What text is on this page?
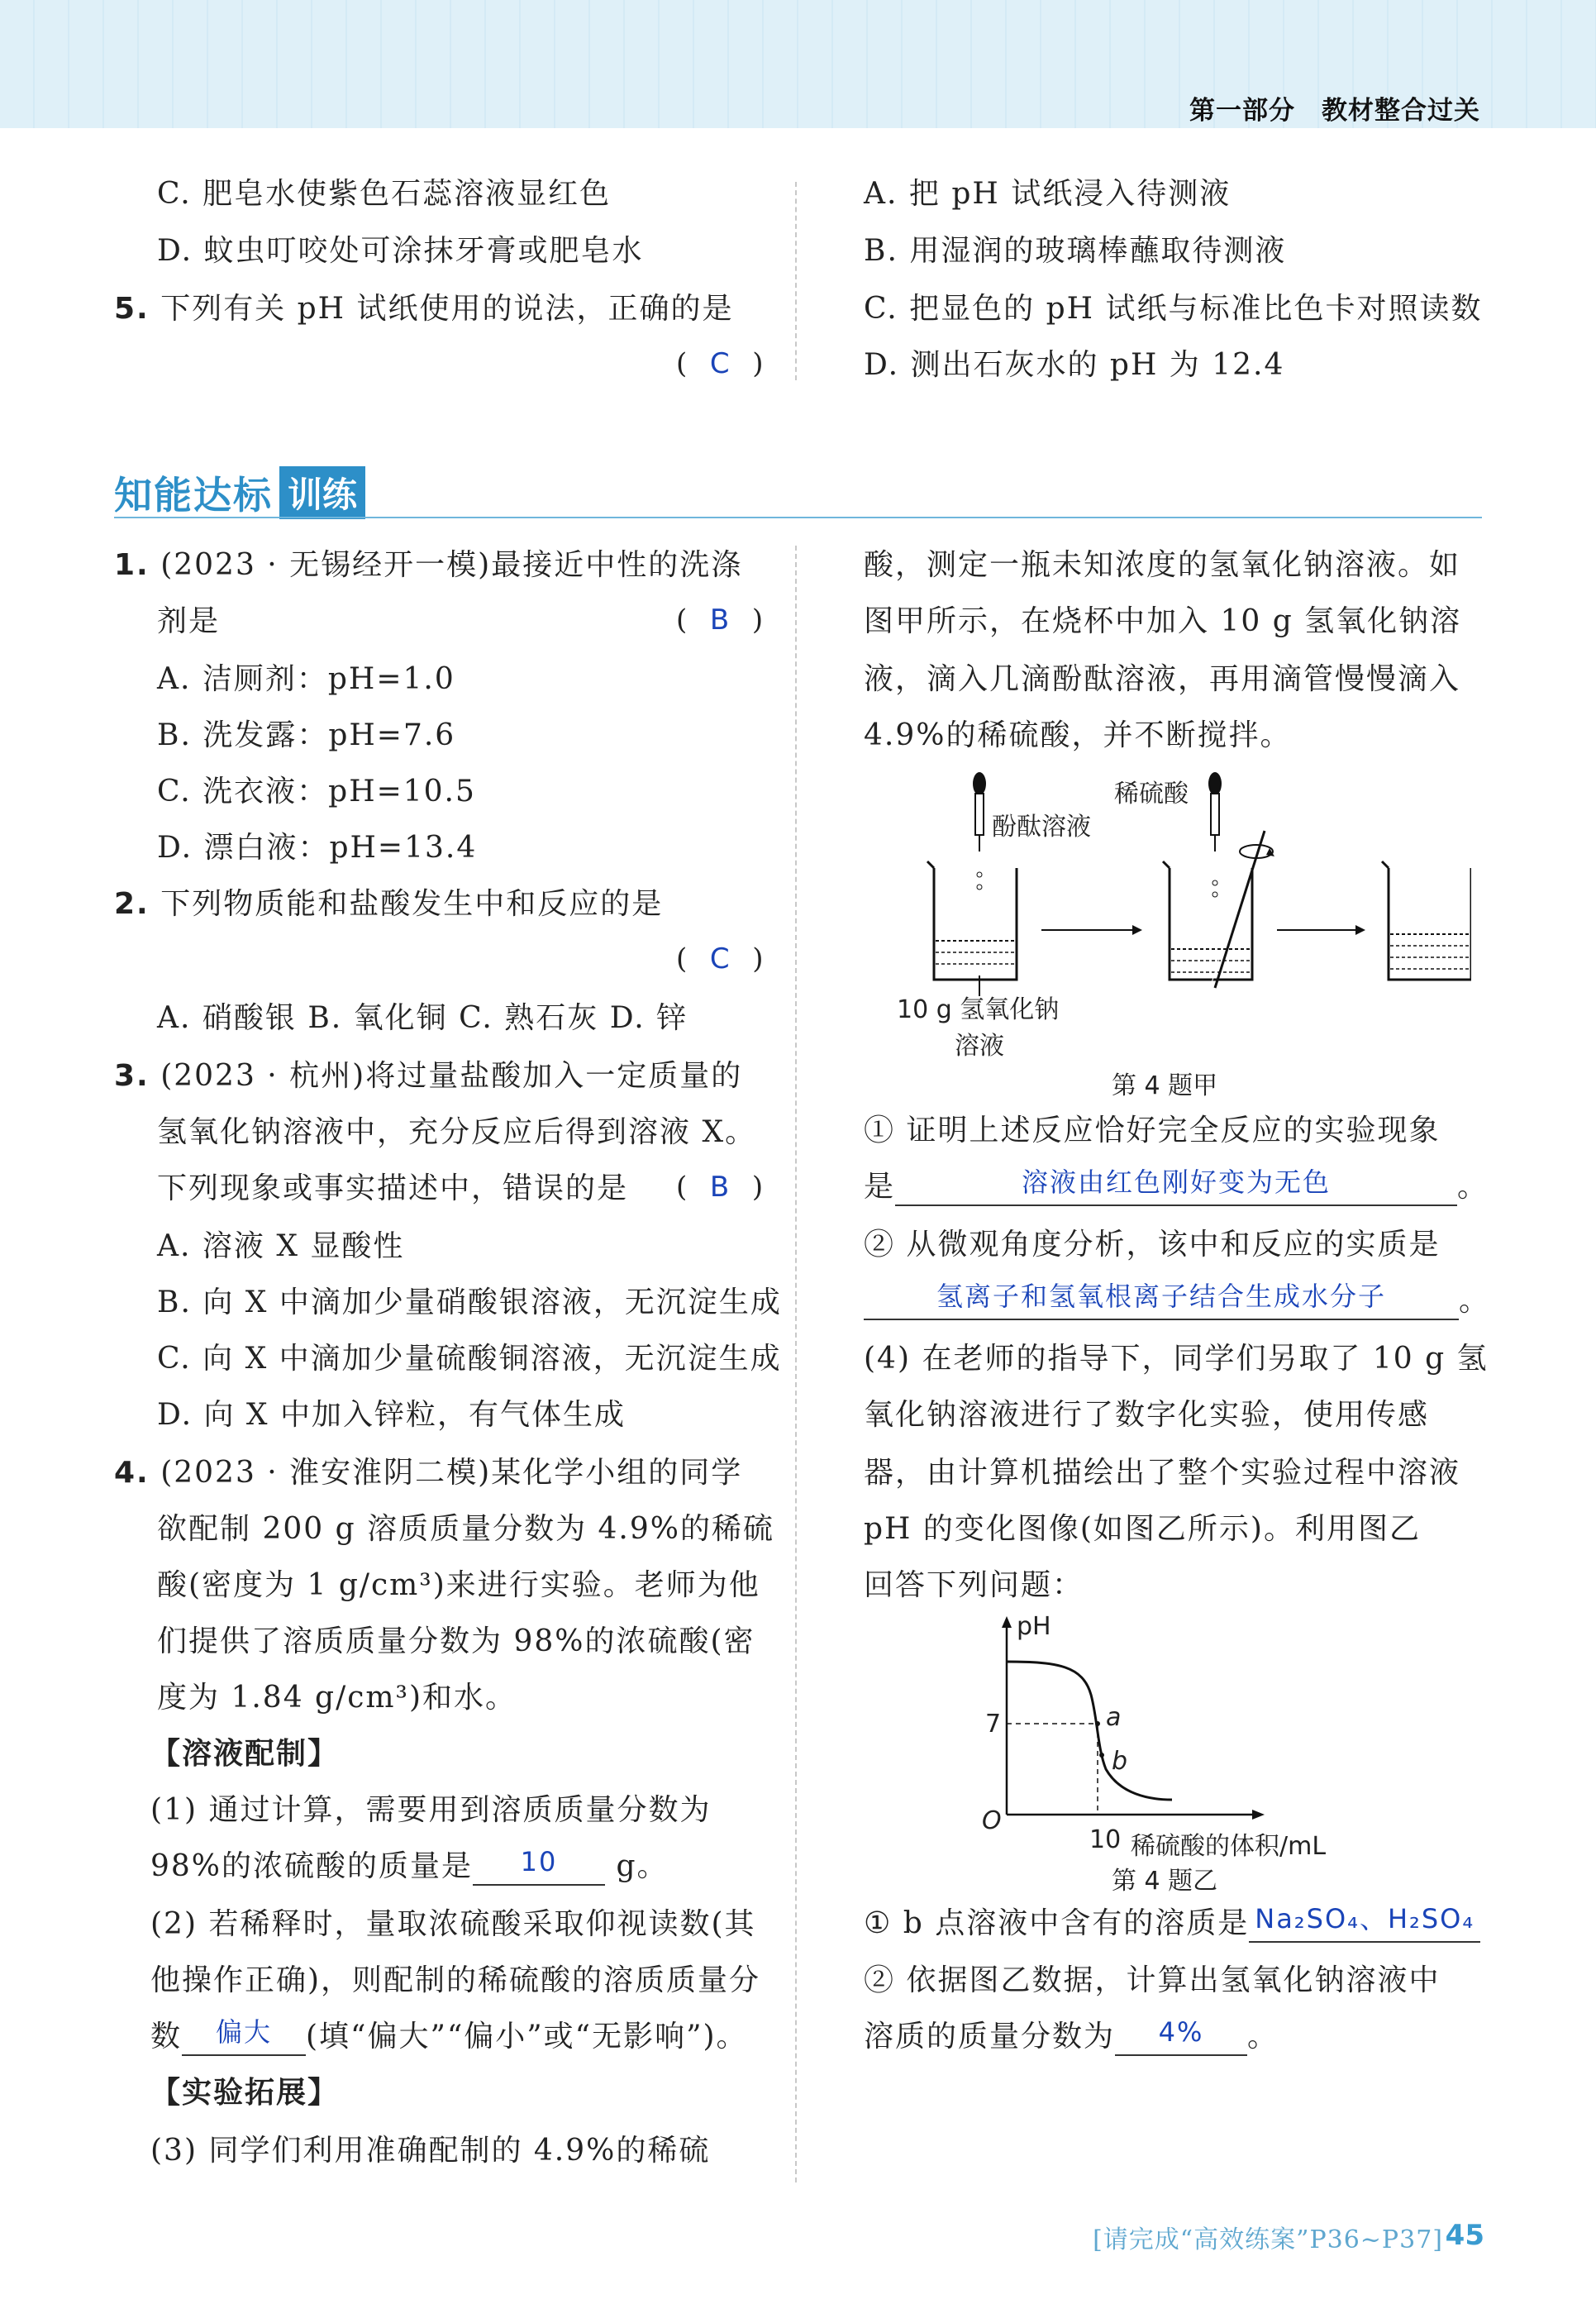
第一部分　教材整合过关
C. 肥皂水使紫色石蕊溶液显红色
D. 蚊虫叮咬处可涂抹牙膏或肥皂水
5. 下列有关 pH 试纸使用的说法，正确的是
(  C  )
A. 把 pH 试纸浸入待测液
B. 用湿润的玻璃棒蘸取待测液
C. 把显色的 pH 试纸与标准比色卡对照读数
D. 测出石灰水的 pH 为 12.4
知能达标 训练
1. (2023 · 无锡经开一模)最接近中性的洗涤
剂是	(  B  )
A. 洁厕剂：pH=1.0
B. 洗发露：pH=7.6
C. 洗衣液：pH=10.5
D. 漂白液：pH=13.4
2. 下列物质能和盐酸发生中和反应的是
(  C  )
A. 硝酸银 B. 氧化铜 C. 熟石灰 D. 锌
3. (2023 · 杭州)将过量盐酸加入一定质量的
氢氧化钠溶液中，充分反应后得到溶液 X。
下列现象或事实描述中，错误的是 (  B  )
A. 溶液 X 显酸性
B. 向 X 中滴加少量硝酸银溶液，无沉淀生成
C. 向 X 中滴加少量硫酸铜溶液，无沉淀生成
D. 向 X 中加入锌粒，有气体生成
4. (2023 · 淮安淮阴二模)某化学小组的同学
欲配制 200 g 溶质质量分数为 4.9%的稀硫
酸(密度为 1 g/cm³)来进行实验。老师为他
们提供了溶质质量分数为 98%的浓硫酸(密
度为 1.84 g/cm³)和水。
【溶液配制】
(1) 通过计算，需要用到溶质质量分数为
98%的浓硫酸的质量是 10 g。
(2) 若稀释时，量取浓硫酸采取仰视读数(其
他操作正确)，则配制的稀硫酸的溶质质量分
数 偏大 (填“偏大”“偏小”或“无影响”)。
【实验拓展】
(3) 同学们利用准确配制的 4.9%的稀硫
酸，测定一瓶未知浓度的氢氧化钠溶液。如
图甲所示，在烧杯中加入 10 g 氢氧化钠溶
液，滴入几滴酚酞溶液，再用滴管慢慢滴入
4.9%的稀硫酸，并不断搅拌。
酚酞溶液
稀硫酸
10 g 氢氧化钠
溶液
第 4 题甲
① 证明上述反应恰好完全反应的实验现象
是	溶液由红色刚好变为无色	。
② 从微观角度分析，该中和反应的实质是
氢离子和氢氧根离子结合生成水分子 。
(4) 在老师的指导下，同学们另取了 10 g 氢
氧化钠溶液进行了数字化实验，使用传感
器，由计算机描绘出了整个实验过程中溶液
pH 的变化图像(如图乙所示)。利用图乙
回答下列问题：
pH
7
O
10 稀硫酸的体积/mL
a
b
第 4 题乙
① b 点溶液中含有的溶质是 Na₂SO₄、H₂SO₄
② 依据图乙数据，计算出氢氧化钠溶液中
溶质的质量分数为 4% 。
[请完成“高效练案”P36~P37] 45
